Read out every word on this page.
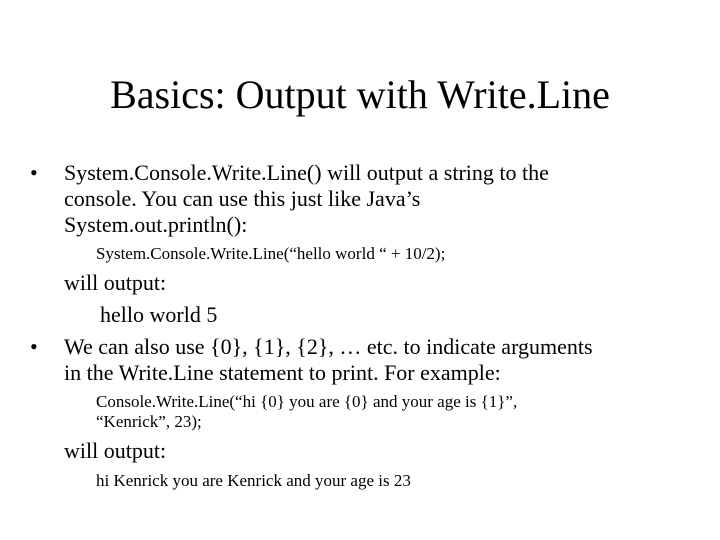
Basics: Output with Write.Line
• System.Console.Write.Line() will output a string to the
console. You can use this just like Java’s
System.out.println():
System.Console.Write.Line(“hello world “ + 10/2);
will output:
hello world 5
• We can also use {0}, {1}, {2}, … etc. to indicate arguments
in the Write.Line statement to print. For example:
Console.Write.Line(“hi {0} you are {0} and your age is {1}”,
“Kenrick”, 23);
will output:
hi Kenrick you are Kenrick and your age is 23
